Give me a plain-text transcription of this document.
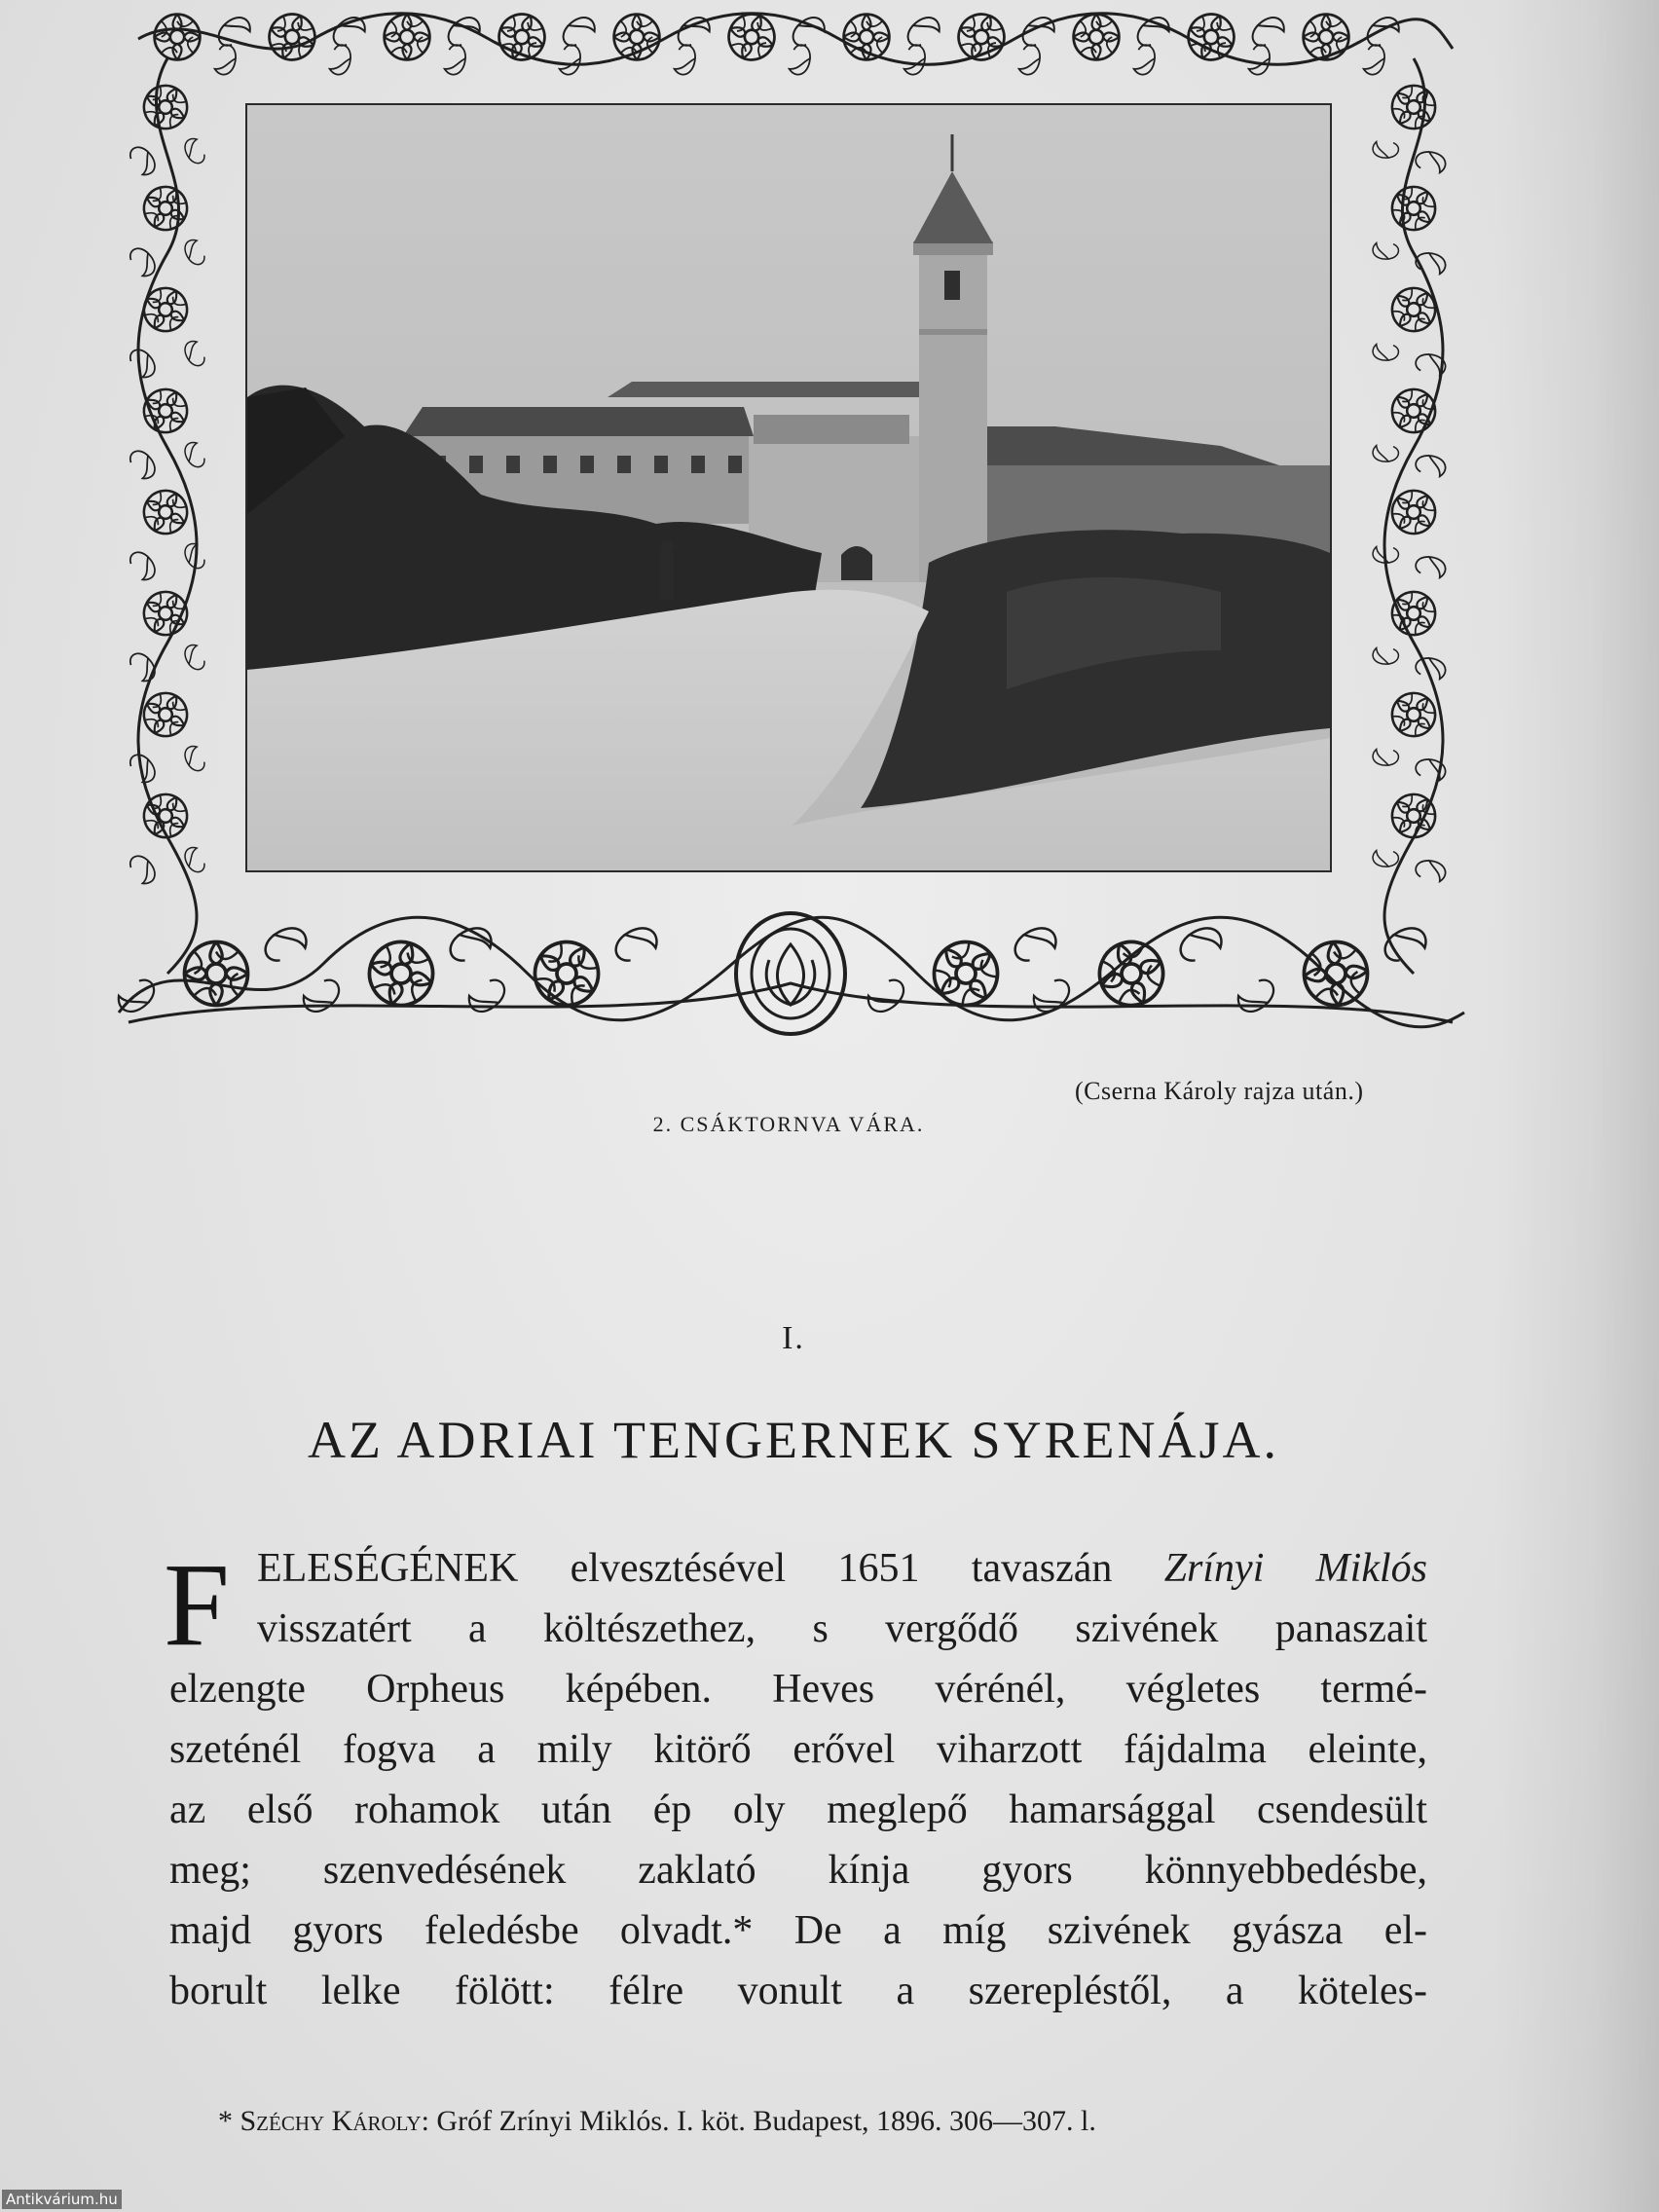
(Cserna Károly rajza után.)
2. CSÁKTORNVA VÁRA.
I.
AZ ADRIAI TENGERNEK SYRENÁJA.
F ELESÉGÉNEK elvesztésével 1651 tavaszán Zrínyi Miklós
visszatért a költészethez, s vergődő szivének panaszait
elzengte Orpheus képében. Heves vérénél, végletes termé-
szeténél fogva a mily kitörő erővel viharzott fájdalma eleinte,
az első rohamok után ép oly meglepő hamarsággal csendesült
meg; szenvedésének zaklató kínja gyors könnyebbedésbe,
majd gyors feledésbe olvadt.* De a míg szivének gyásza el-
borult lelke fölött: félre vonult a szerepléstől, a köteles-
* Széchy Károly: Gróf Zrínyi Miklós. I. köt. Budapest, 1896. 306—307. l.
Antikvárium.hu
